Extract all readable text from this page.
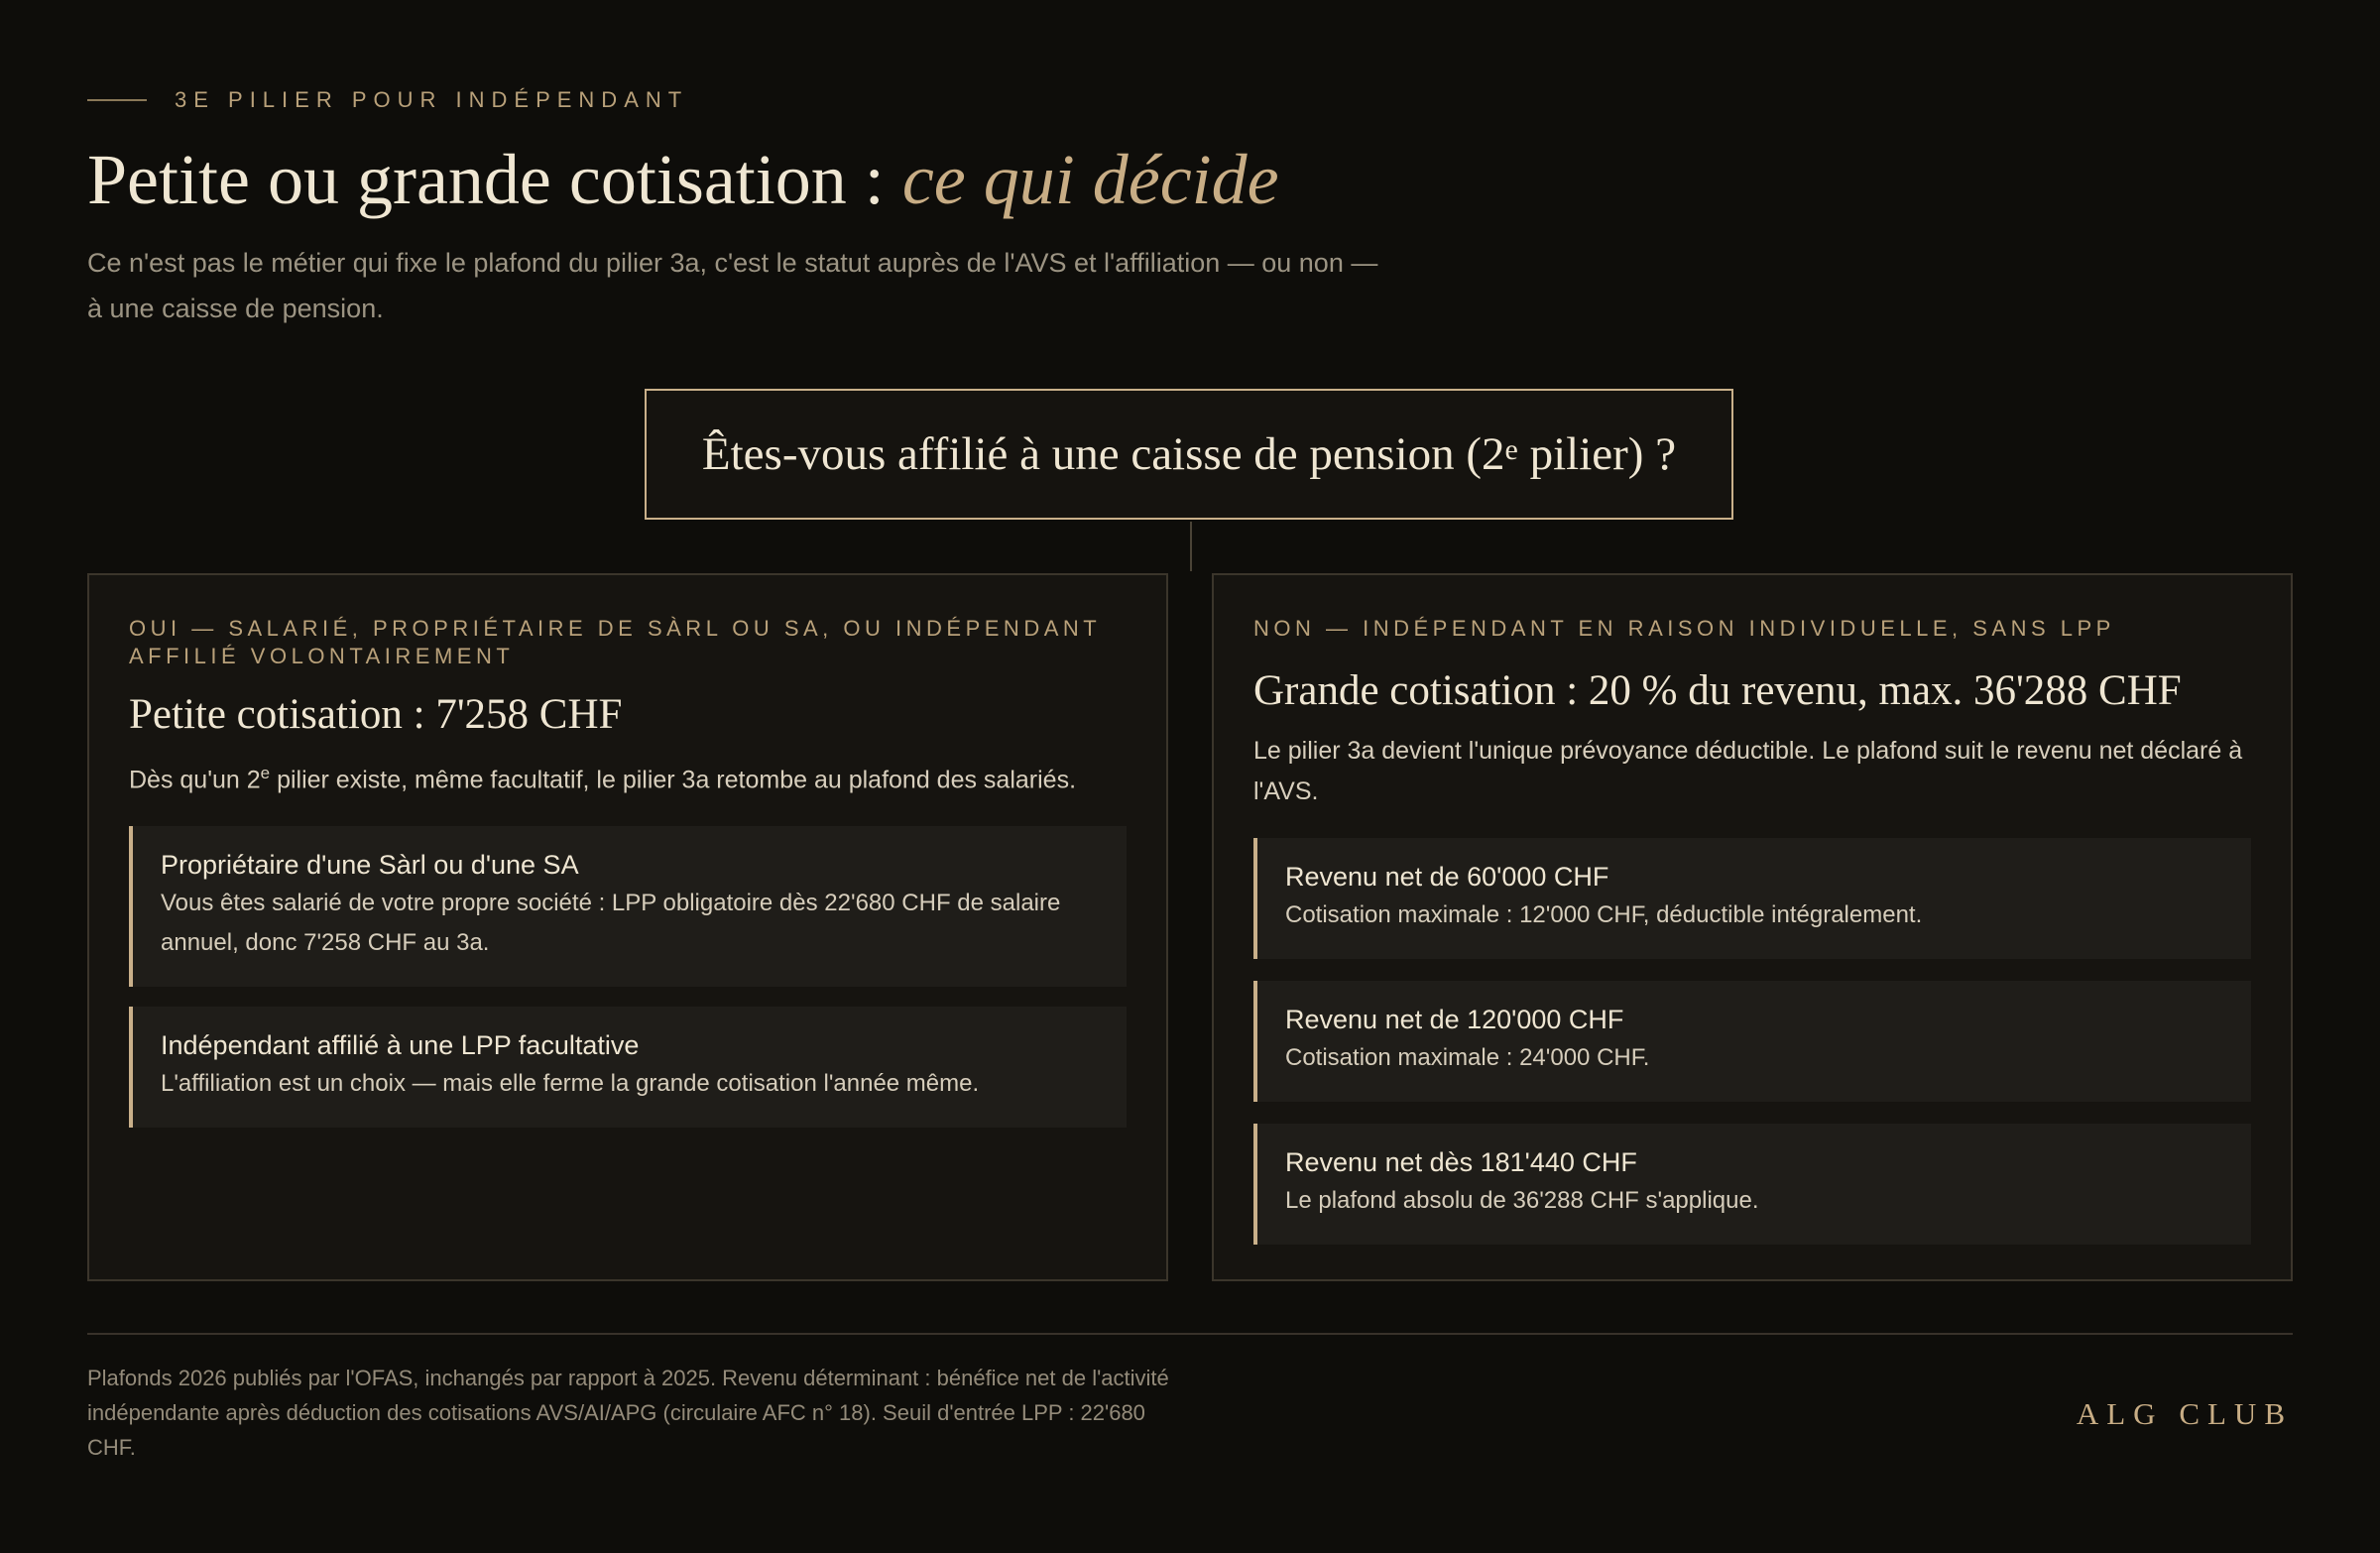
3E PILIER POUR INDÉPENDANT
Petite ou grande cotisation : ce qui décide

Ce n'est pas le métier qui fixe le plafond du pilier 3a, c'est le statut auprès de l'AVS et l'affiliation — ou non — à une caisse de pension.

Êtes-vous affilié à une caisse de pension (2e pilier) ?

OUI — SALARIÉ, PROPRIÉTAIRE DE SÀRL OU SA, OU INDÉPENDANT AFFILIÉ VOLONTAIREMENT

Petite cotisation : 7'258 CHF

Dès qu'un 2e pilier existe, même facultatif, le pilier 3a retombe au plafond des salariés.

Propriétaire d'une Sàrl ou d'une SA

Vous êtes salarié de votre propre société : LPP obligatoire dès 22'680 CHF de salaire annuel, donc 7'258 CHF au 3a.

Indépendant affilié à une LPP facultative

L'affiliation est un choix — mais elle ferme la grande cotisation l'année même.

NON — INDÉPENDANT EN RAISON INDIVIDUELLE, SANS LPP

Grande cotisation : 20 % du revenu, max. 36'288 CHF

Le pilier 3a devient l'unique prévoyance déductible. Le plafond suit le revenu net déclaré à l'AVS.

Revenu net de 60'000 CHF

Cotisation maximale : 12'000 CHF, déductible intégralement.

Revenu net de 120'000 CHF

Cotisation maximale : 24'000 CHF.

Revenu net dès 181'440 CHF

Le plafond absolu de 36'288 CHF s'applique.

Plafonds 2026 publiés par l'OFAS, inchangés par rapport à 2025. Revenu déterminant : bénéfice net de l'activité indépendante après déduction des cotisations AVS/AI/APG (circulaire AFC n° 18). Seuil d'entrée LPP : 22'680 CHF.

ALG CLUB
